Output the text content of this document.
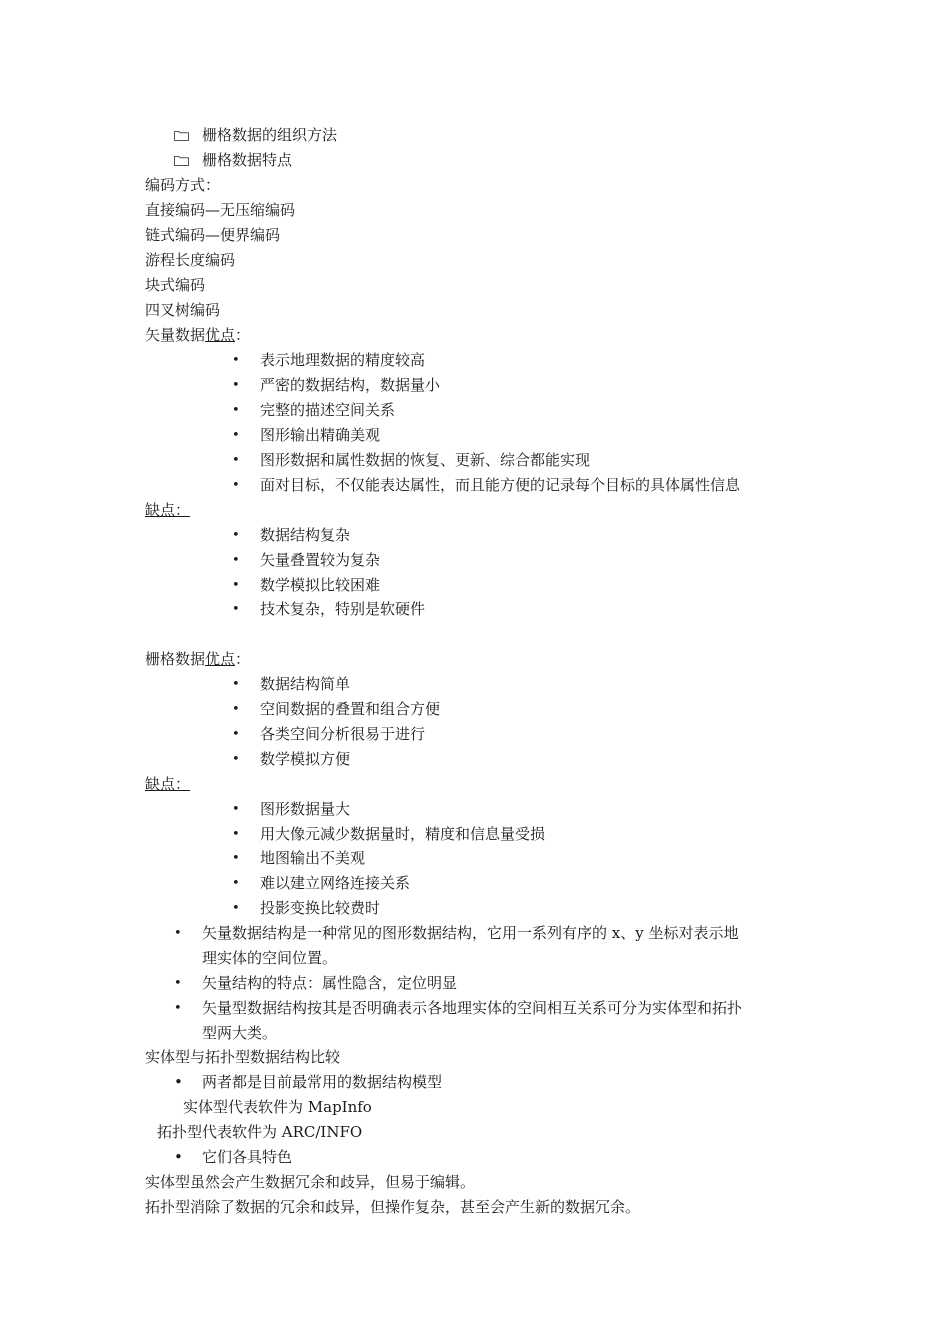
栅格数据的组织方法
栅格数据特点
编码方式：
直接编码—无压缩编码
链式编码—便界编码
游程长度编码
块式编码
四叉树编码
矢量数据优点：
• 表示地理数据的精度较高
• 严密的数据结构，数据量小
• 完整的描述空间关系
• 图形输出精确美观
• 图形数据和属性数据的恢复、更新、综合都能实现
• 面对目标，不仅能表达属性，而且能方便的记录每个目标的具体属性信息
缺点：
• 数据结构复杂
• 矢量叠置较为复杂
• 数学模拟比较困难
• 技术复杂，特别是软硬件
栅格数据优点：
• 数据结构简单
• 空间数据的叠置和组合方便
• 各类空间分析很易于进行
• 数学模拟方便
缺点：
• 图形数据量大
• 用大像元减少数据量时，精度和信息量受损
• 地图输出不美观
• 难以建立网络连接关系
• 投影变换比较费时
• 矢量数据结构是一种常见的图形数据结构，它用一系列有序的 x、y 坐标对表示地
理实体的空间位置。
• 矢量结构的特点：属性隐含，定位明显
• 矢量型数据结构按其是否明确表示各地理实体的空间相互关系可分为实体型和拓扑
型两大类。
实体型与拓扑型数据结构比较
• 两者都是目前最常用的数据结构模型
实体型代表软件为 MapInfo
拓扑型代表软件为 ARC/INFO
• 它们各具特色
实体型虽然会产生数据冗余和歧异，但易于编辑。
拓扑型消除了数据的冗余和歧异，但操作复杂，甚至会产生新的数据冗余。
